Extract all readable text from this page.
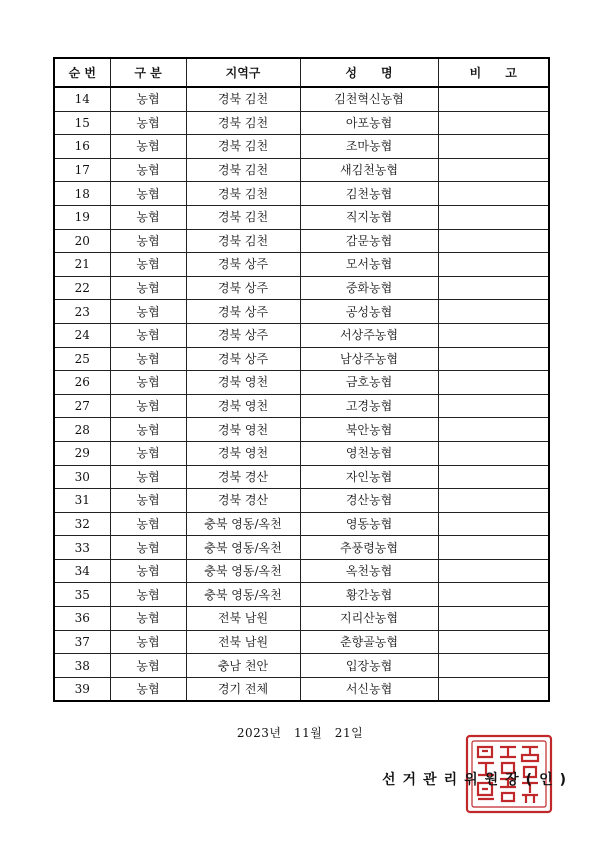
순 번	구 분	지역구	성　　명	비　　고
14	농협	경북 김천	김천혁신농협	
15	농협	경북 김천	아포농협	
16	농협	경북 김천	조마농협	
17	농협	경북 김천	새김천농협	
18	농협	경북 김천	김천농협	
19	농협	경북 김천	직지농협	
20	농협	경북 김천	감문농협	
21	농협	경북 상주	모서농협	
22	농협	경북 상주	중화농협	
23	농협	경북 상주	공성농협	
24	농협	경북 상주	서상주농협	
25	농협	경북 상주	남상주농협	
26	농협	경북 영천	금호농협	
27	농협	경북 영천	고경농협	
28	농협	경북 영천	북안농협	
29	농협	경북 영천	영천농협	
30	농협	경북 경산	자인농협	
31	농협	경북 경산	경산농협	
32	농협	충북 영동/옥천	영동농협	
33	농협	충북 영동/옥천	추풍령농협	
34	농협	충북 영동/옥천	옥천농협	
35	농협	충북 영동/옥천	황간농협	
36	농협	전북 남원	지리산농협	
37	농협	전북 남원	춘향골농협	
38	농협	충남 천안	입장농협	
39	농협	경기 전체	서신농협	
2023년　11월　21일
선거관리위원장(인)
